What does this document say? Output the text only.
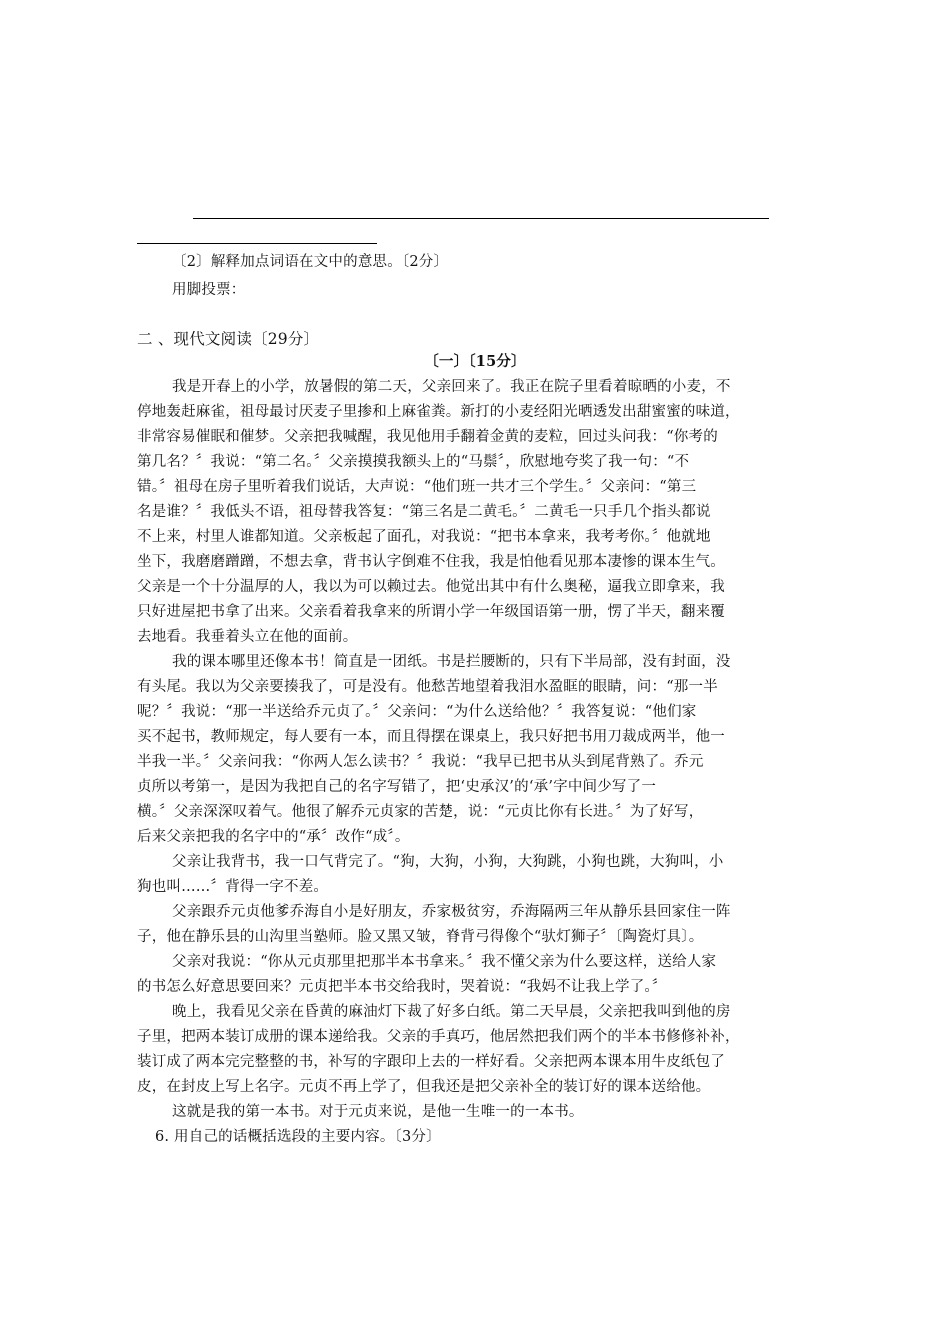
〔2〕解释加点词语在文中的意思。〔2分〕
用脚投票：
二 、现代文阅读〔29分〕
〔一〕〔15分〕
我是开春上的小学，放暑假的第二天，父亲回来了。我正在院子里看着晾晒的小麦，不
停地轰赶麻雀，祖母最讨厌麦子里掺和上麻雀粪。新打的小麦经阳光晒透发出甜蜜蜜的味道，
非常容易催眠和催梦。父亲把我喊醒，我见他用手翻着金黄的麦粒，回过头问我：“你考的
第几名？〞我说：“第二名。〞父亲摸摸我额头上的“马鬃〞，欣慰地夸奖了我一句：“不
错。〞祖母在房子里听着我们说话，大声说：“他们班一共才三个学生。〞父亲问：“第三
名是谁？〞我低头不语，祖母替我答复：“第三名是二黄毛。〞二黄毛一只手几个指头都说
不上来，村里人谁都知道。父亲板起了面孔，对我说：“把书本拿来，我考考你。〞他就地
坐下，我磨磨蹭蹭，不想去拿，背书认字倒难不住我，我是怕他看见那本凄惨的课本生气。
父亲是一个十分温厚的人，我以为可以赖过去。他觉出其中有什么奥秘，逼我立即拿来，我
只好进屋把书拿了出来。父亲看着我拿来的所谓小学一年级国语第一册，愣了半天，翻来覆
去地看。我垂着头立在他的面前。
我的课本哪里还像本书！简直是一团纸。书是拦腰断的，只有下半局部，没有封面，没
有头尾。我以为父亲要揍我了，可是没有。他愁苦地望着我泪水盈眶的眼睛，问：“那一半
呢？〞我说：“那一半送给乔元贞了。〞父亲问：“为什么送给他？〞我答复说：“他们家
买不起书，教师规定，每人要有一本，而且得摆在课桌上，我只好把书用刀裁成两半，他一
半我一半。〞父亲问我：“你两人怎么读书？〞我说：“我早已把书从头到尾背熟了。乔元
贞所以考第一，是因为我把自己的名字写错了，把‘史承汉’的‘承’字中间少写了一
横。〞父亲深深叹着气。他很了解乔元贞家的苦楚，说：“元贞比你有长进。〞为了好写，
后来父亲把我的名字中的“承〞改作“成〞。
父亲让我背书，我一口气背完了。“狗，大狗，小狗，大狗跳，小狗也跳，大狗叫，小
狗也叫……〞背得一字不差。
父亲跟乔元贞他爹乔海自小是好朋友，乔家极贫穷，乔海隔两三年从静乐县回家住一阵
子，他在静乐县的山沟里当塾师。脸又黑又皱，脊背弓得像个“驮灯狮子〞〔陶瓷灯具〕。
父亲对我说：“你从元贞那里把那半本书拿来。〞我不懂父亲为什么要这样，送给人家
的书怎么好意思要回来？元贞把半本书交给我时，哭着说：“我妈不让我上学了。〞
晚上，我看见父亲在昏黄的麻油灯下裁了好多白纸。第二天早晨，父亲把我叫到他的房
子里，把两本装订成册的课本递给我。父亲的手真巧，他居然把我们两个的半本书修修补补，
装订成了两本完完整整的书，补写的字跟印上去的一样好看。父亲把两本课本用牛皮纸包了
皮，在封皮上写上名字。元贞不再上学了，但我还是把父亲补全的装订好的课本送给他。
这就是我的第一本书。对于元贞来说，是他一生唯一的一本书。
6. 用自己的话概括选段的主要内容。〔3分〕
